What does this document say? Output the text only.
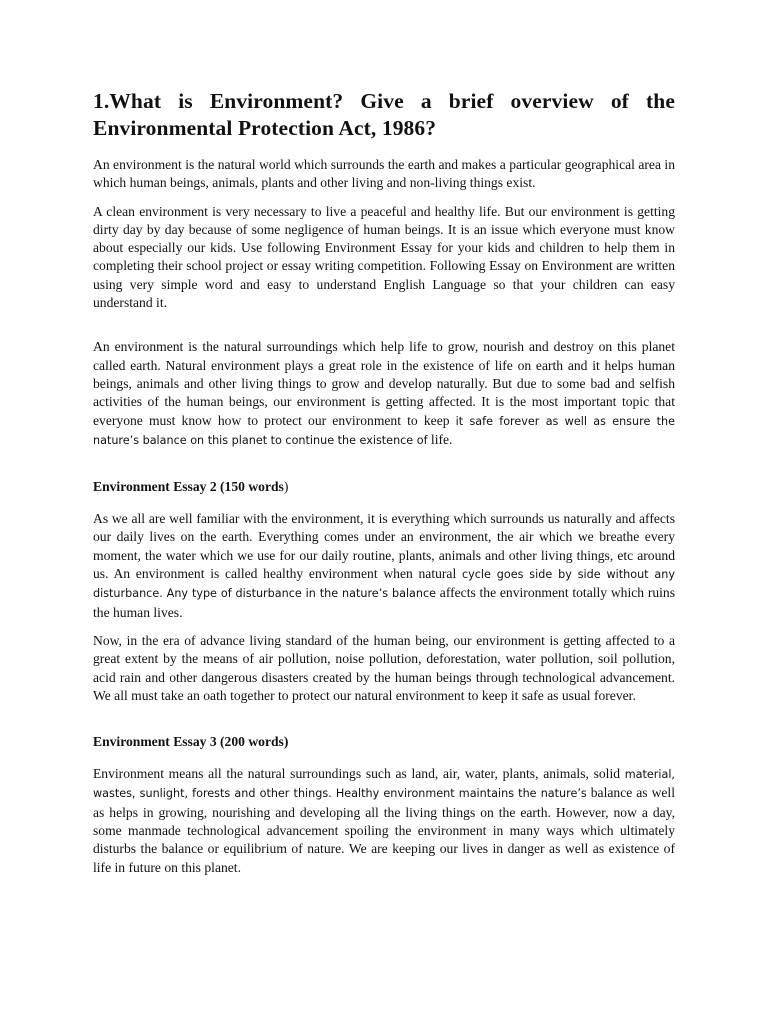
1.What is Environment? Give a brief overview of the Environmental Protection Act, 1986?

An environment is the natural world which surrounds the earth and makes a particular geographical area in which human beings, animals, plants and other living and non-living things exist.

A clean environment is very necessary to live a peaceful and healthy life. But our environment is getting dirty day by day because of some negligence of human beings. It is an issue which everyone must know about especially our kids. Use following Environment Essay for your kids and children to help them in completing their school project or essay writing competition. Following Essay on Environment are written using very simple word and easy to understand English Language so that your children can easy understand it.

An environment is the natural surroundings which help life to grow, nourish and destroy on this planet called earth. Natural environment plays a great role in the existence of life on earth and it helps human beings, animals and other living things to grow and develop naturally. But due to some bad and selfish activities of the human beings, our environment is getting affected. It is the most important topic that everyone must know how to protect our environment to keep it safe forever as well as ensure the nature’s balance on this planet to continue the existence of life.

Environment Essay 2 (150 words)

As we all are well familiar with the environment, it is everything which surrounds us naturally and affects our daily lives on the earth. Everything comes under an environment, the air which we breathe every moment, the water which we use for our daily routine, plants, animals and other living things, etc around us. An environment is called healthy environment when natural cycle goes side by side without any disturbance. Any type of disturbance in the nature’s balance affects the environment totally which ruins the human lives.

Now, in the era of advance living standard of the human being, our environment is getting affected to a great extent by the means of air pollution, noise pollution, deforestation, water pollution, soil pollution, acid rain and other dangerous disasters created by the human beings through technological advancement. We all must take an oath together to protect our natural environment to keep it safe as usual forever.

Environment Essay 3 (200 words)

Environment means all the natural surroundings such as land, air, water, plants, animals, solid material, wastes, sunlight, forests and other things. Healthy environment maintains the nature’s balance as well as helps in growing, nourishing and developing all the living things on the earth. However, now a day, some manmade technological advancement spoiling the environment in many ways which ultimately disturbs the balance or equilibrium of nature. We are keeping our lives in danger as well as existence of life in future on this planet.
